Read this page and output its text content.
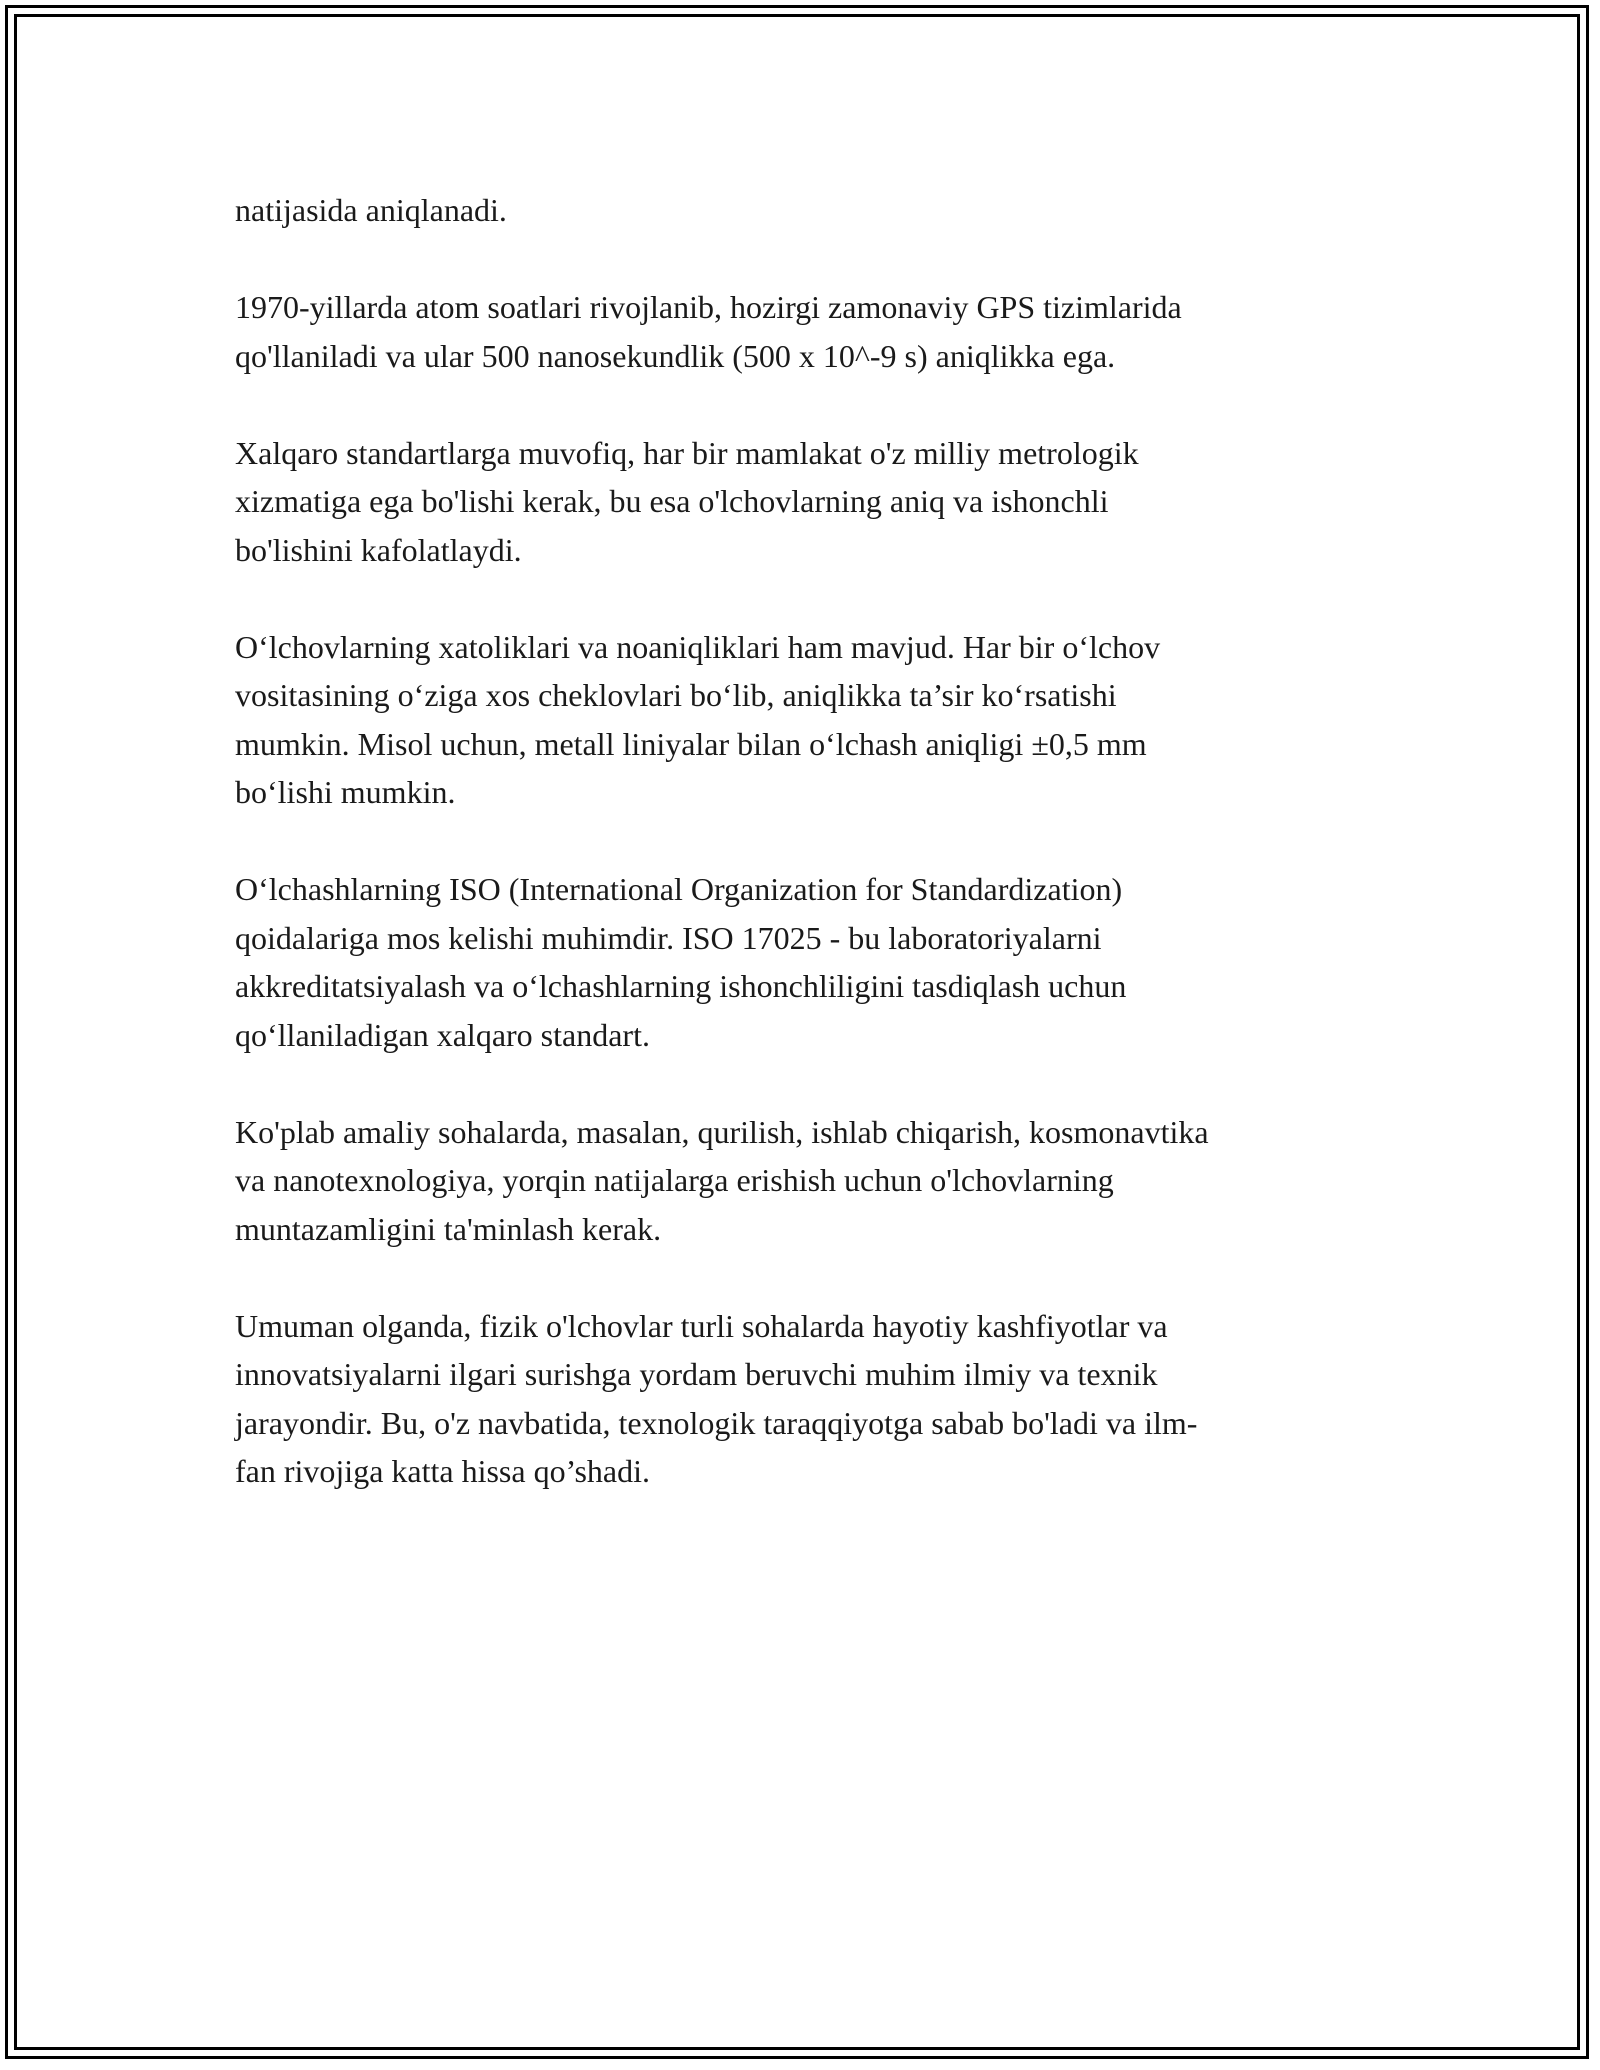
natijasida aniqlanadi.

1970-yillarda atom soatlari rivojlanib, hozirgi zamonaviy GPS tizimlarida
qo'llaniladi va ular 500 nanosekundlik (500 x 10^-9 s) aniqlikka ega.

Xalqaro standartlarga muvofiq, har bir mamlakat o'z milliy metrologik
xizmatiga ega bo'lishi kerak, bu esa o'lchovlarning aniq va ishonchli
bo'lishini kafolatlaydi.

O‘lchovlarning xatoliklari va noaniqliklari ham mavjud. Har bir o‘lchov
vositasining o‘ziga xos cheklovlari bo‘lib, aniqlikka ta’sir ko‘rsatishi
mumkin. Misol uchun, metall liniyalar bilan o‘lchash aniqligi ±0,5 mm
bo‘lishi mumkin.

O‘lchashlarning ISO (International Organization for Standardization)
qoidalariga mos kelishi muhimdir. ISO 17025 - bu laboratoriyalarni
akkreditatsiyalash va o‘lchashlarning ishonchliligini tasdiqlash uchun
qo‘llaniladigan xalqaro standart.

Ko'plab amaliy sohalarda, masalan, qurilish, ishlab chiqarish, kosmonavtika
va nanotexnologiya, yorqin natijalarga erishish uchun o'lchovlarning
muntazamligini ta'minlash kerak.

Umuman olganda, fizik o'lchovlar turli sohalarda hayotiy kashfiyotlar va
innovatsiyalarni ilgari surishga yordam beruvchi muhim ilmiy va texnik
jarayondir. Bu, o'z navbatida, texnologik taraqqiyotga sabab bo'ladi va ilm-
fan rivojiga katta hissa qo’shadi.
